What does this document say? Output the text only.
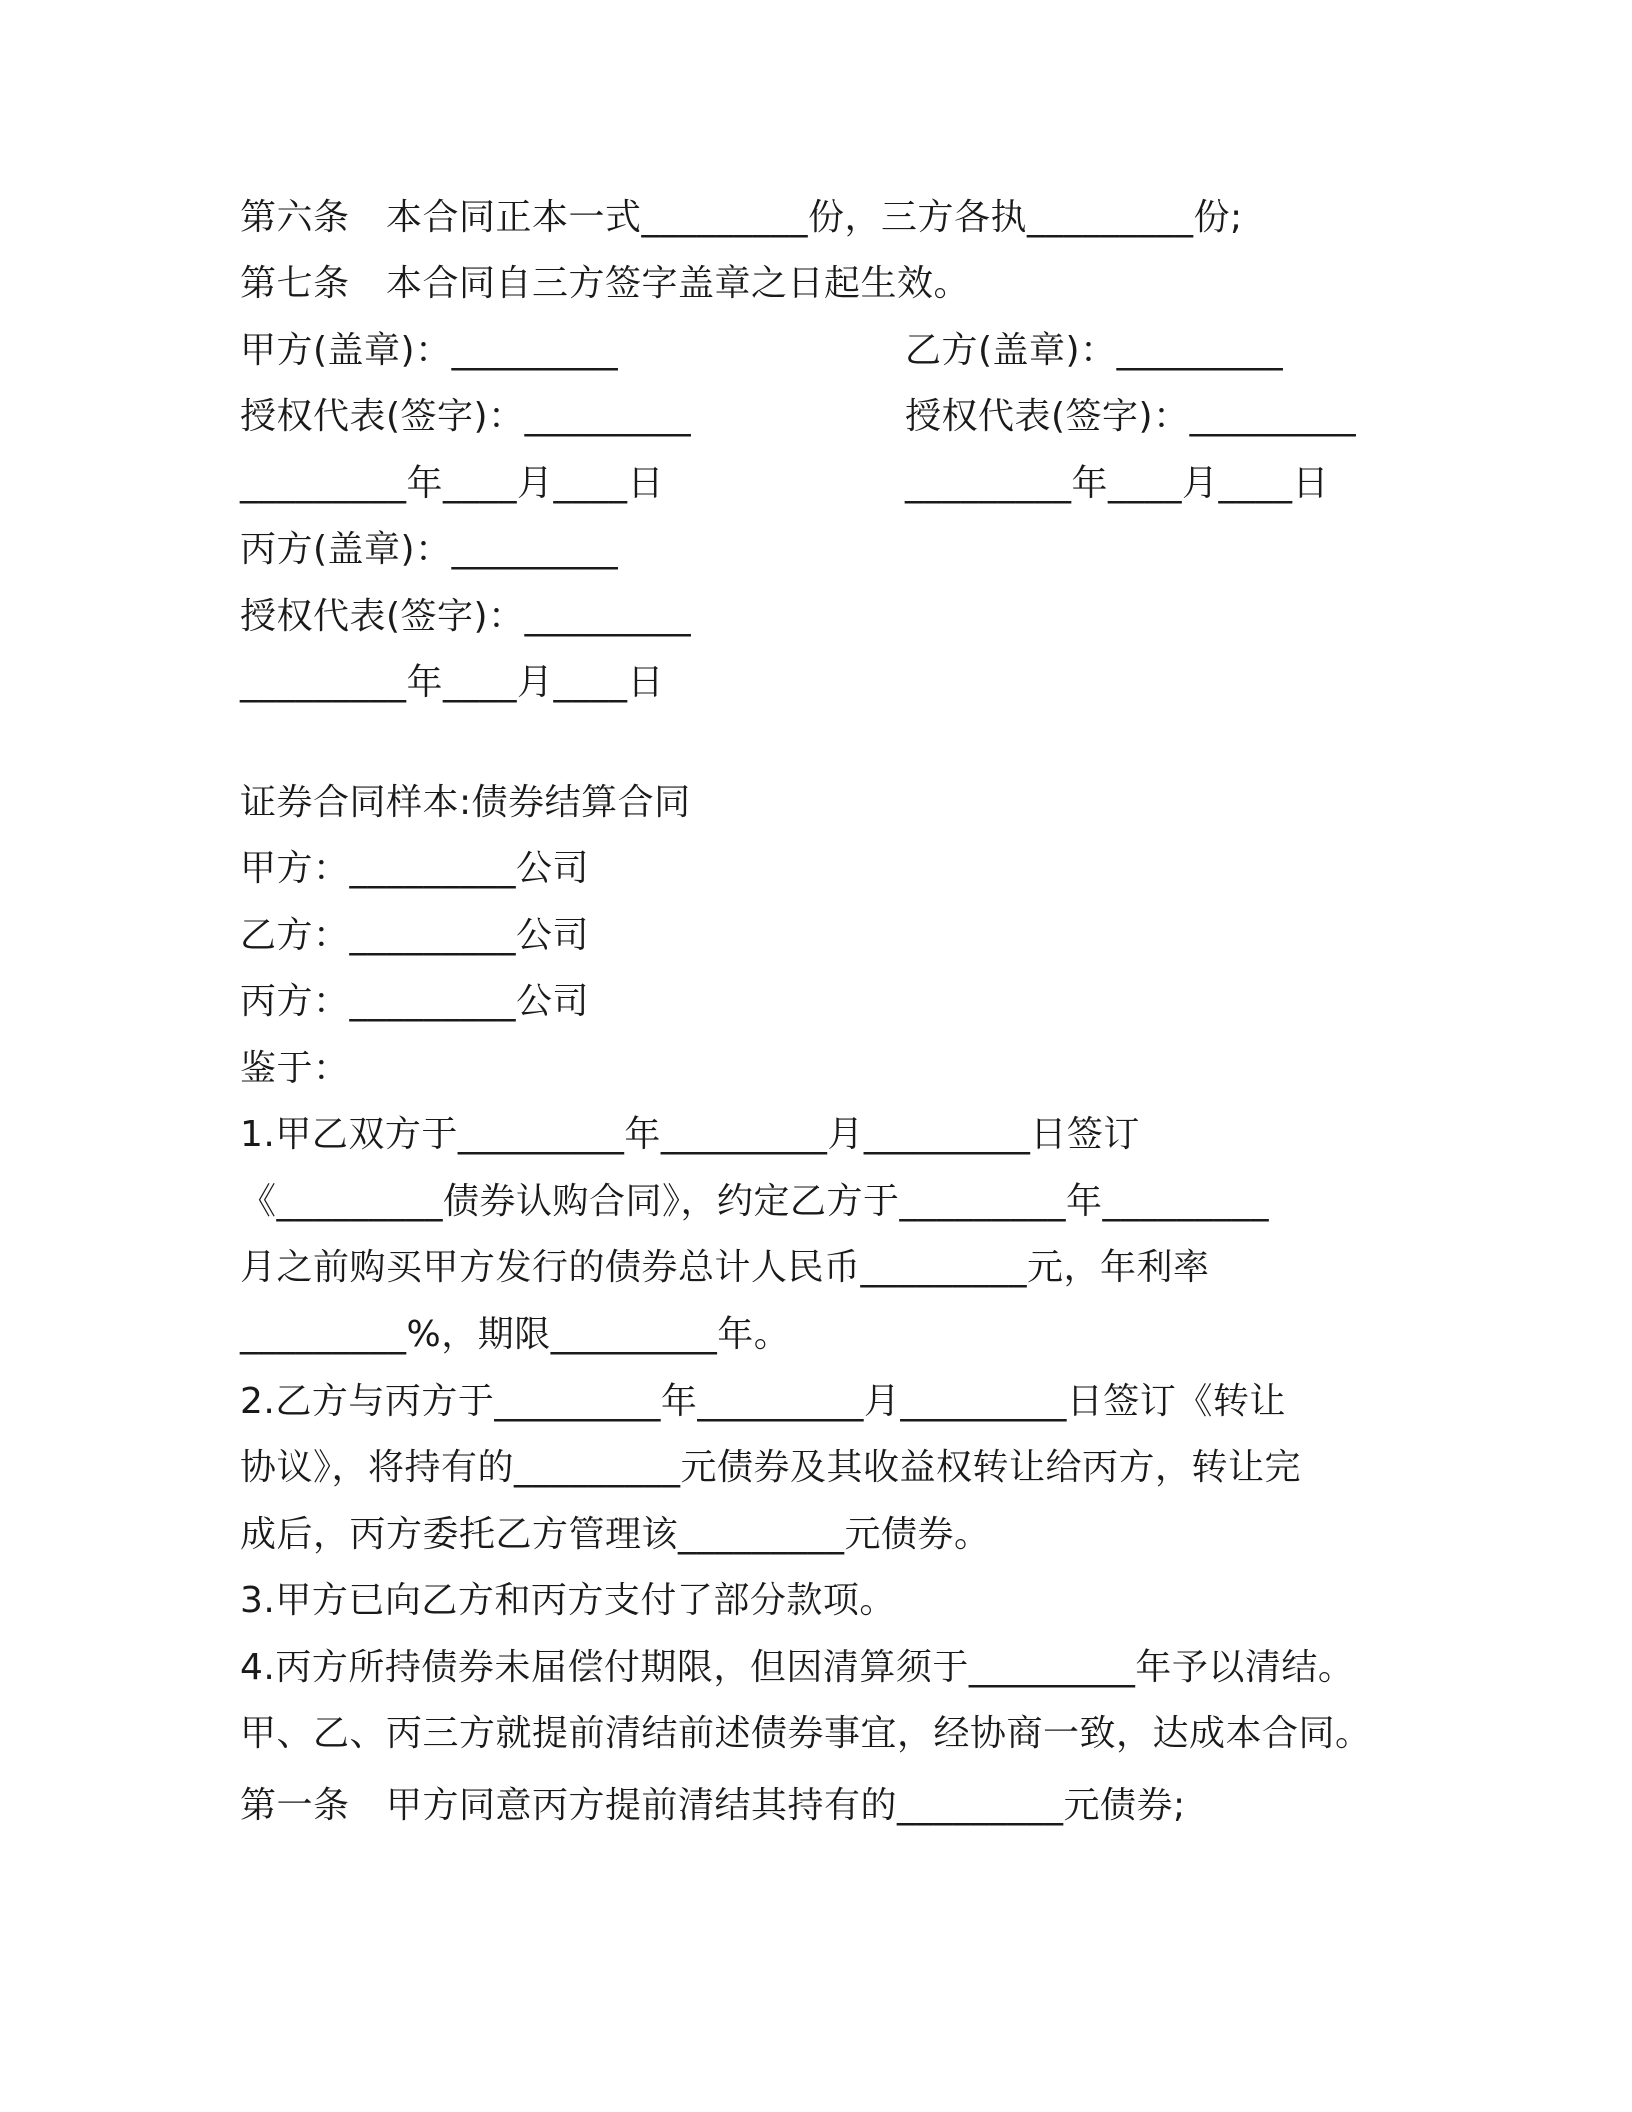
第六条　本合同正本一式_________份，三方各执_________份;
第七条　本合同自三方签字盖章之日起生效。
甲方(盖章)：_________	乙方(盖章)：_________
授权代表(签字)：_________	授权代表(签字)：_________
_________年____月____日	_________年____月____日
丙方(盖章)：_________
授权代表(签字)：_________
_________年____月____日
证券合同样本:债券结算合同
甲方：_________公司
乙方：_________公司
丙方：_________公司
鉴于：
1.甲乙双方于_________年_________月_________日签订
《_________债券认购合同》，约定乙方于_________年_________
月之前购买甲方发行的债券总计人民币_________元，年利率
_________%，期限_________年。
2.乙方与丙方于_________年_________月_________日签订《转让
协议》，将持有的_________元债券及其收益权转让给丙方，转让完
成后，丙方委托乙方管理该_________元债券。
3.甲方已向乙方和丙方支付了部分款项。
4.丙方所持债券未届偿付期限，但因清算须于_________年予以清结。
甲、乙、丙三方就提前清结前述债券事宜，经协商一致，达成本合同。
第一条　甲方同意丙方提前清结其持有的_________元债券;
